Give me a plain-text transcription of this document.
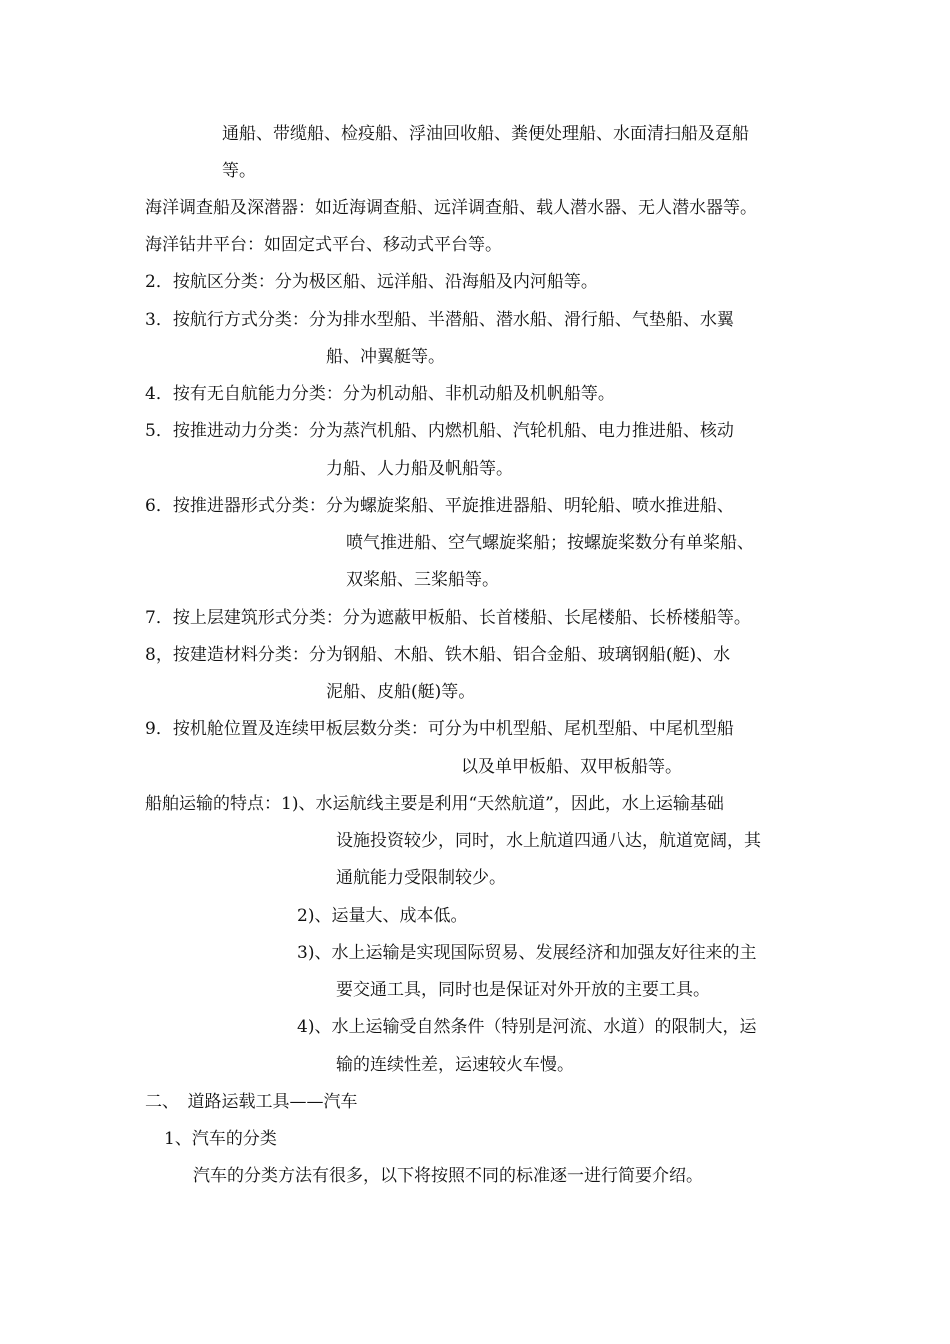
通船、带缆船、检疫船、浮油回收船、粪便处理船、水面清扫船及趸船
等。
海洋调查船及深潜器：如近海调查船、远洋调查船、载人潜水器、无人潜水器等。
海洋钻井平台：如固定式平台、移动式平台等。
2．按航区分类：分为极区船、远洋船、沿海船及内河船等。
3．按航行方式分类：分为排水型船、半潜船、潜水船、滑行船、气垫船、水翼
船、冲翼艇等。
4．按有无自航能力分类：分为机动船、非机动船及机帆船等。
5．按推进动力分类：分为蒸汽机船、内燃机船、汽轮机船、电力推进船、核动
力船、人力船及帆船等。
6．按推进器形式分类：分为螺旋桨船、平旋推进器船、明轮船、喷水推进船、
喷气推进船、空气螺旋桨船；按螺旋桨数分有单桨船、
双桨船、三桨船等。
7．按上层建筑形式分类：分为遮蔽甲板船、长首楼船、长尾楼船、长桥楼船等。
8，按建造材料分类：分为钢船、木船、铁木船、铝合金船、玻璃钢船(艇)、水
泥船、皮船(艇)等。
9．按机舱位置及连续甲板层数分类：可分为中机型船、尾机型船、中尾机型船
以及单甲板船、双甲板船等。
船舶运输的特点：1)、水运航线主要是利用“天然航道”，因此，水上运输基础
设施投资较少，同时，水上航道四通八达，航道宽阔，其
通航能力受限制较少。
2)、运量大、成本低。
3)、水上运输是实现国际贸易、发展经济和加强友好往来的主
要交通工具，同时也是保证对外开放的主要工具。
4)、水上运输受自然条件（特别是河流、水道）的限制大，运
输的连续性差，运速较火车慢。
二、　道路运载工具——汽车
1、汽车的分类
汽车的分类方法有很多，以下将按照不同的标准逐一进行简要介绍。
